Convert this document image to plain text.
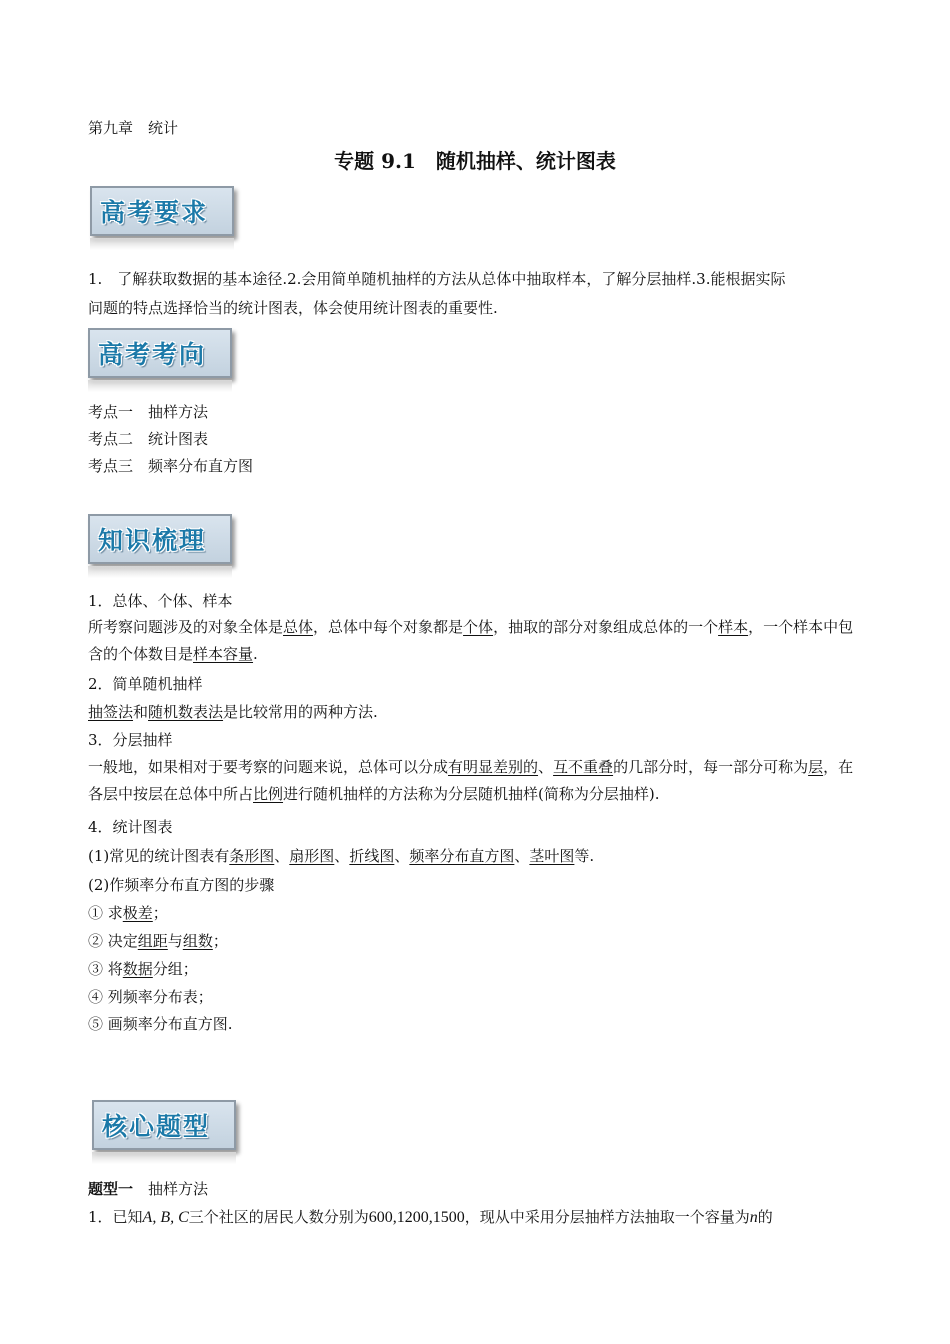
第九章　统计
专题 9.1　随机抽样、统计图表
高考要求
1.　了解获取数据的基本途径.2.会用简单随机抽样的方法从总体中抽取样本，了解分层抽样.3.能根据实际
问题的特点选择恰当的统计图表，体会使用统计图表的重要性.
高考考向
考点一　抽样方法
考点二　统计图表
考点三　频率分布直方图
知识梳理
1．总体、个体、样本
所考察问题涉及的对象全体是总体，总体中每个对象都是个体，抽取的部分对象组成总体的一个样本，一个样本中包含的个体数目是样本容量.
2．简单随机抽样
抽签法和随机数表法是比较常用的两种方法.
3．分层抽样
一般地，如果相对于要考察的问题来说，总体可以分成有明显差别的、互不重叠的几部分时，每一部分可称为层，在各层中按层在总体中所占比例进行随机抽样的方法称为分层随机抽样(简称为分层抽样).
4．统计图表
(1)常见的统计图表有条形图、扇形图、折线图、频率分布直方图、茎叶图等.
(2)作频率分布直方图的步骤
① 求极差；
② 决定组距与组数；
③ 将数据分组；
④ 列频率分布表；
⑤ 画频率分布直方图.
核心题型
题型一　抽样方法
1．已知A, B, C三个社区的居民人数分别为600,1200,1500，现从中采用分层抽样方法抽取一个容量为n的
